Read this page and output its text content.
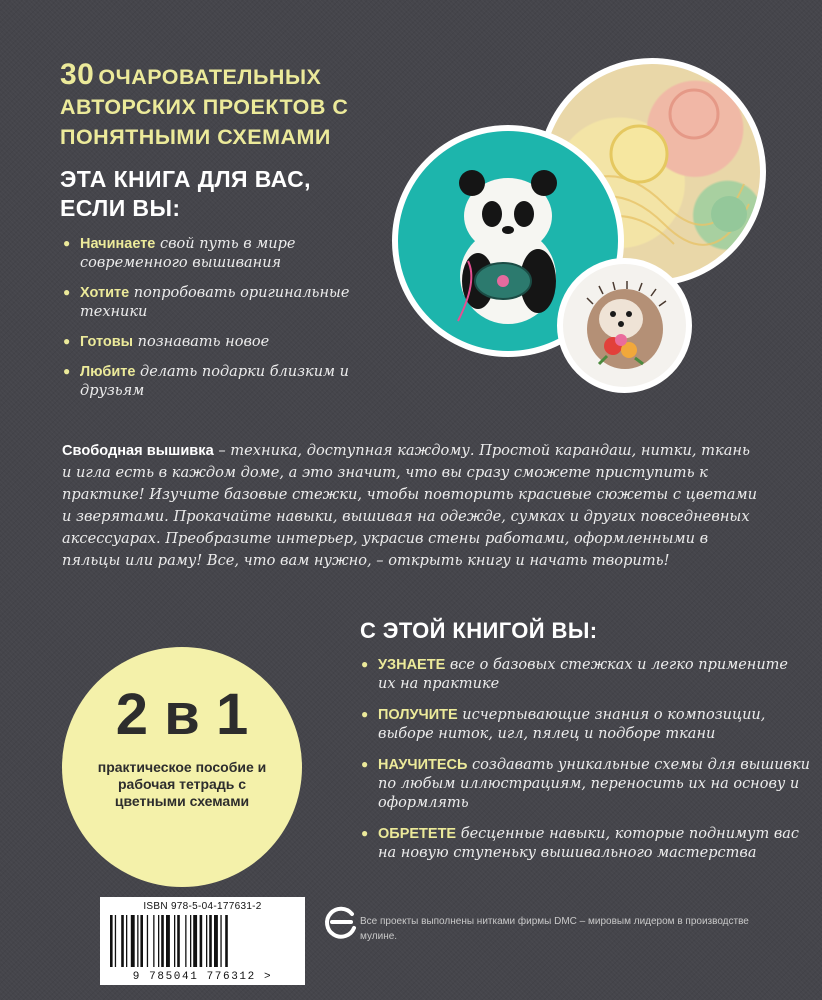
30 ОЧАРОВАТЕЛЬНЫХ АВТОРСКИХ ПРОЕКТОВ С ПОНЯТНЫМИ СХЕМАМИ
ЭТА КНИГА ДЛЯ ВАС, ЕСЛИ ВЫ:
• Начинаете свой путь в мире современного вышивания
• Хотите попробовать оригинальные техники
• Готовы познавать новое
• Любите делать подарки близким и друзьям
Свободная вышивка – техника, доступная каждому. Простой карандаш, нитки, ткань и игла есть в каждом доме, а это значит, что вы сразу сможете приступить к практике! Изучите базовые стежки, чтобы повторить красивые сюжеты с цветами и зверятами. Прокачайте навыки, вышивая на одежде, сумках и других повседневных аксессуарах. Преобразите интерьер, украсив стены работами, оформленными в пяльцы или раму! Все, что вам нужно, – открыть книгу и начать творить!
С ЭТОЙ КНИГОЙ ВЫ:
• УЗНАЕТЕ все о базовых стежках и легко примените их на практике
• ПОЛУЧИТЕ исчерпывающие знания о композиции, выборе ниток, игл, пялец и подборе ткани
• НАУЧИТЕСЬ создавать уникальные схемы для вышивки по любым иллюстрациям, перенoсить их на основу и оформлять
• ОБРЕТЕТЕ бесценные навыки, которые поднимут вас на новую ступеньку вышивального мастерства
2 в 1
практическое пособие и рабочая тетрадь с цветными схемами
ISBN 978-5-04-177631-2
9 785041 776312 >
Все проекты выполнены нитками фирмы DMC – мировым лидером в производстве мулине.
